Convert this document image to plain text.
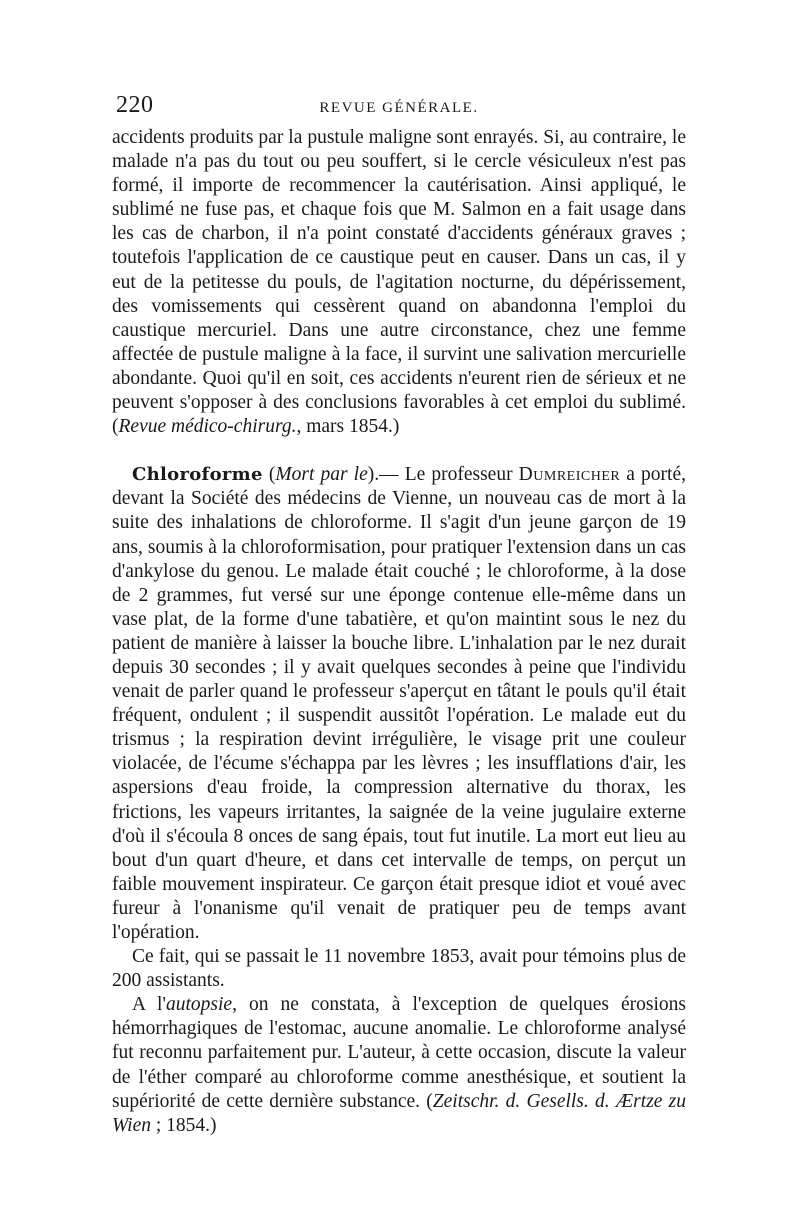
220	REVUE GÉNÉRALE.

accidents produits par la pustule maligne sont enrayés. Si, au contraire, le malade n'a pas du tout ou peu souffert, si le cercle vésiculeux n'est pas formé, il importe de recommencer la cautérisation. Ainsi appliqué, le sublimé ne fuse pas, et chaque fois que M. Salmon en a fait usage dans les cas de charbon, il n'a point constaté d'accidents généraux graves ; toutefois l'application de ce caustique peut en causer. Dans un cas, il y eut de la petitesse du pouls, de l'agitation nocturne, du dépérissement, des vomissements qui cessèrent quand on abandonna l'emploi du caustique mercuriel. Dans une autre circonstance, chez une femme affectée de pustule maligne à la face, il survint une salivation mercurielle abondante. Quoi qu'il en soit, ces accidents n'eurent rien de sérieux et ne peuvent s'opposer à des conclusions favorables à cet emploi du sublimé. (Revue médico-chirurg., mars 1854.)

Chloroforme (Mort par le).— Le professeur Dumreicher a porté, devant la Société des médecins de Vienne, un nouveau cas de mort à la suite des inhalations de chloroforme. Il s'agit d'un jeune garçon de 19 ans, soumis à la chloroformisation, pour pratiquer l'extension dans un cas d'ankylose du genou. Le malade était couché ; le chloroforme, à la dose de 2 grammes, fut versé sur une éponge contenue elle-même dans un vase plat, de la forme d'une tabatière, et qu'on maintint sous le nez du patient de manière à laisser la bouche libre. L'inhalation par le nez durait depuis 30 secondes ; il y avait quelques secondes à peine que l'individu venait de parler quand le professeur s'aperçut en tâtant le pouls qu'il était fréquent, ondulent ; il suspendit aussitôt l'opération. Le malade eut du trismus ; la respiration devint irrégulière, le visage prit une couleur violacée, de l'écume s'échappa par les lèvres ; les insufflations d'air, les aspersions d'eau froide, la compression alternative du thorax, les frictions, les vapeurs irritantes, la saignée de la veine jugulaire externe d'où il s'écoula 8 onces de sang épais, tout fut inutile. La mort eut lieu au bout d'un quart d'heure, et dans cet intervalle de temps, on perçut un faible mouvement inspirateur. Ce garçon était presque idiot et voué avec fureur à l'onanisme qu'il venait de pratiquer peu de temps avant l'opération.

Ce fait, qui se passait le 11 novembre 1853, avait pour témoins plus de 200 assistants.

A l'autopsie, on ne constata, à l'exception de quelques érosions hémorrhagiques de l'estomac, aucune anomalie. Le chloroforme analysé fut reconnu parfaitement pur. L'auteur, à cette occasion, discute la valeur de l'éther comparé au chloroforme comme anesthésique, et soutient la supériorité de cette dernière substance. (Zeitschr. d. Gesells. d. Ærtze zu Wien ; 1854.)
